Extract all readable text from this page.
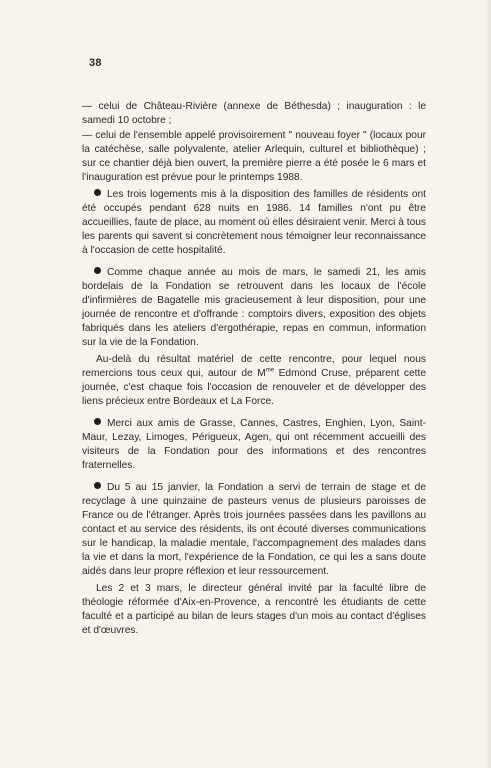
38
— celui de Château-Rivière (annexe de Béthesda) ; inauguration : le samedi 10 octobre ;
— celui de l'ensemble appelé provisoirement " nouveau foyer " (locaux pour la catéchèse, salle polyvalente, atelier Arlequin, culturel et bibliothèque) ; sur ce chantier déjà bien ouvert, la première pierre a été posée le 6 mars et l'inauguration est prévue pour le printemps 1988.

Les trois logements mis à la disposition des familles de résidents ont été occupés pendant 628 nuits en 1986. 14 familles n'ont pu être accueillies, faute de place, au moment où elles désiraient venir. Merci à tous les parents qui savent si concrètement nous témoigner leur reconnaissance à l'occasion de cette hospitalité.

Comme chaque année au mois de mars, le samedi 21, les amis bordelais de la Fondation se retrouvent dans les locaux de l'école d'infirmières de Bagatelle mis gracieusement à leur disposition, pour une journée de rencontre et d'offrande : comptoirs divers, exposition des objets fabriqués dans les ateliers d'ergothérapie, repas en commun, information sur la vie de la Fondation.

Au-delà du résultat matériel de cette rencontre, pour lequel nous remercions tous ceux qui, autour de $M^{me}$ Edmond Cruse, préparent cette journée, c'est chaque fois l'occasion de renouveler et de développer des liens précieux entre Bordeaux et La Force.

Merci aux amis de Grasse, Cannes, Castres, Enghien, Lyon, Saint-Maur, Lezay, Limoges, Périgueux, Agen, qui ont récemment accueilli des visiteurs de la Fondation pour des informations et des rencontres fraternelles.

Du 5 au 15 janvier, la Fondation a servi de terrain de stage et de recyclage à une quinzaine de pasteurs venus de plusieurs paroisses de France ou de l'étranger. Après trois journées passées dans les pavillons au contact et au service des résidents, ils ont écouté diverses communications sur le handicap, la maladie mentale, l'accompagnement des malades dans la vie et dans la mort, l'expérience de la Fondation, ce qui les a sans doute aidés dans leur propre réflexion et leur ressourcement.

Les 2 et 3 mars, le directeur général invité par la faculté libre de théologie réformée d'Aix-en-Provence, a rencontré les étudiants de cette faculté et a participé au bilan de leurs stages d'un mois au contact d'églises et d'œuvres.
